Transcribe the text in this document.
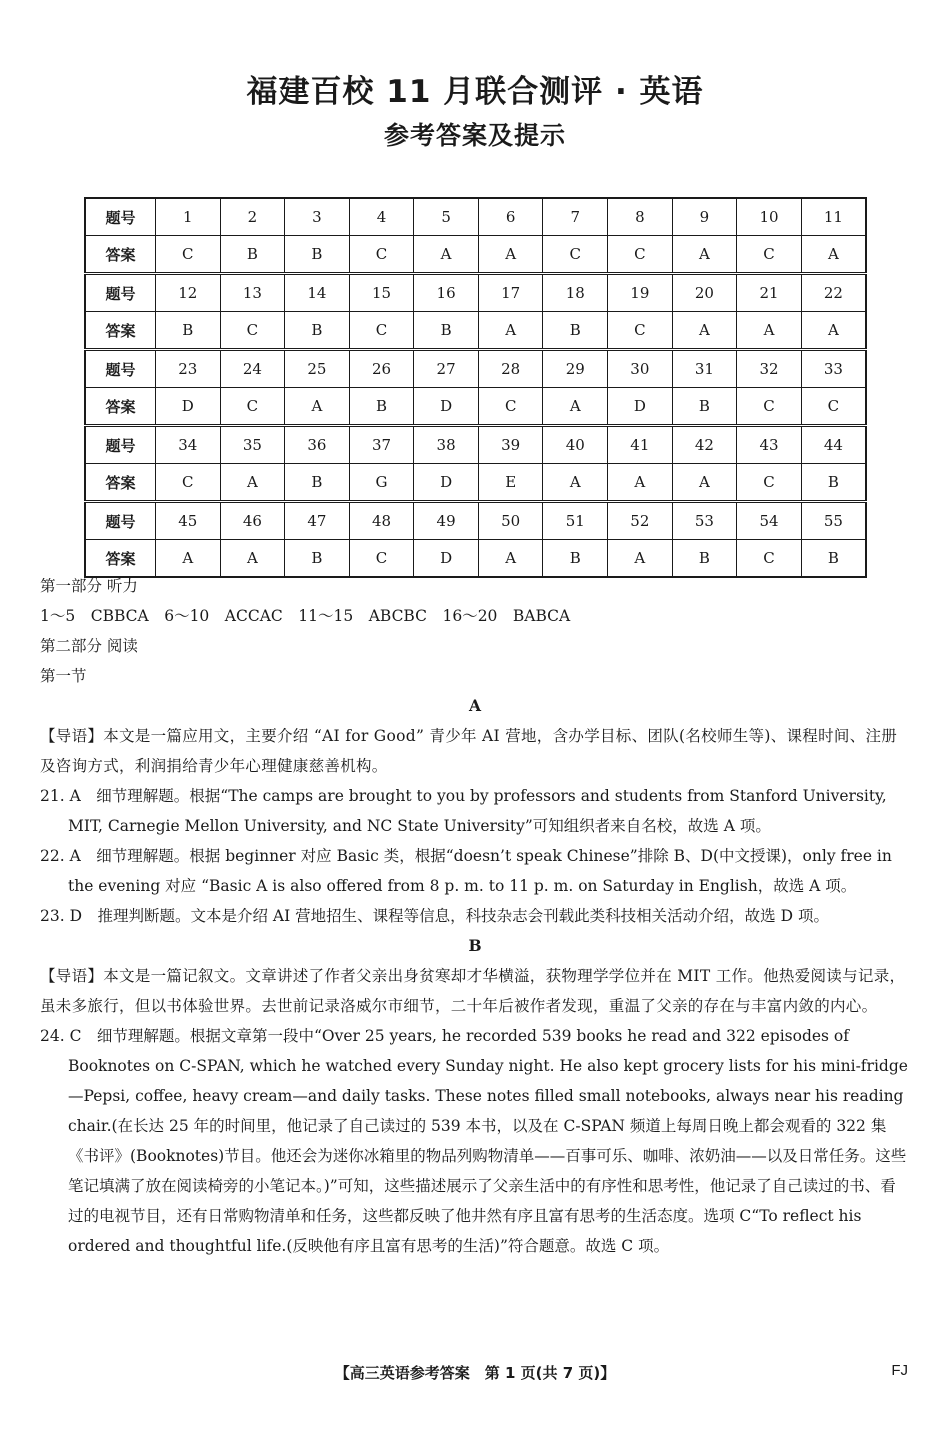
福建百校 11 月联合测评 · 英语
参考答案及提示
题号	1	2	3	4	5	6	7	8	9	10	11
答案	C	B	B	C	A	A	C	C	A	C	A
题号	12	13	14	15	16	17	18	19	20	21	22
答案	B	C	B	C	B	A	B	C	A	A	A
题号	23	24	25	26	27	28	29	30	31	32	33
答案	D	C	A	B	D	C	A	D	B	C	C
题号	34	35	36	37	38	39	40	41	42	43	44
答案	C	A	B	G	D	E	A	A	A	C	B
题号	45	46	47	48	49	50	51	52	53	54	55
答案	A	A	B	C	D	A	B	A	B	C	B

第一部分 听力

1～5　CBBCA　6～10　ACCAC　11～15　ABCBC　16～20　BABCA

第二部分 阅读

第一节

A

【导语】本文是一篇应用文，主要介绍 “AI for Good” 青少年 AI 营地，含办学目标、团队(名校师生等)、课程时间、注册及咨询方式，利润捐给青少年心理健康慈善机构。

21. A　细节理解题。根据“The camps are brought to you by professors and students from Stanford University, MIT, Carnegie Mellon University, and NC State University”可知组织者来自名校，故选 A 项。

22. A　细节理解题。根据 beginner 对应 Basic 类，根据“doesn’t speak Chinese”排除 B、D(中文授课)，only free in the evening 对应 “Basic A is also offered from 8 p. m. to 11 p. m. on Saturday in English，故选 A 项。

23. D　推理判断题。文本是介绍 AI 营地招生、课程等信息，科技杂志会刊载此类科技相关活动介绍，故选 D 项。

B

【导语】本文是一篇记叙文。文章讲述了作者父亲出身贫寒却才华横溢，获物理学学位并在 MIT 工作。他热爱阅读与记录，虽未多旅行，但以书体验世界。去世前记录洛威尔市细节，二十年后被作者发现，重温了父亲的存在与丰富内敛的内心。

24. C　细节理解题。根据文章第一段中“Over 25 years, he recorded 539 books he read and 322 episodes of Booknotes on C-SPAN, which he watched every Sunday night. He also kept grocery lists for his mini-fridge—Pepsi, coffee, heavy cream—and daily tasks. These notes filled small notebooks, always near his reading chair.(在长达 25 年的时间里，他记录了自己读过的 539 本书，以及在 C-SPAN 频道上每周日晚上都会观看的 322 集《书评》(Booknotes)节目。他还会为迷你冰箱里的物品列购物清单——百事可乐、咖啡、浓奶油——以及日常任务。这些笔记填满了放在阅读椅旁的小笔记本。)”可知，这些描述展示了父亲生活中的有序性和思考性，他记录了自己读过的书、看过的电视节目，还有日常购物清单和任务，这些都反映了他井然有序且富有思考的生活态度。选项 C“To reflect his ordered and thoughtful life.(反映他有序且富有思考的生活)”符合题意。故选 C 项。

【高三英语参考答案　第 1 页(共 7 页)】	FJ
